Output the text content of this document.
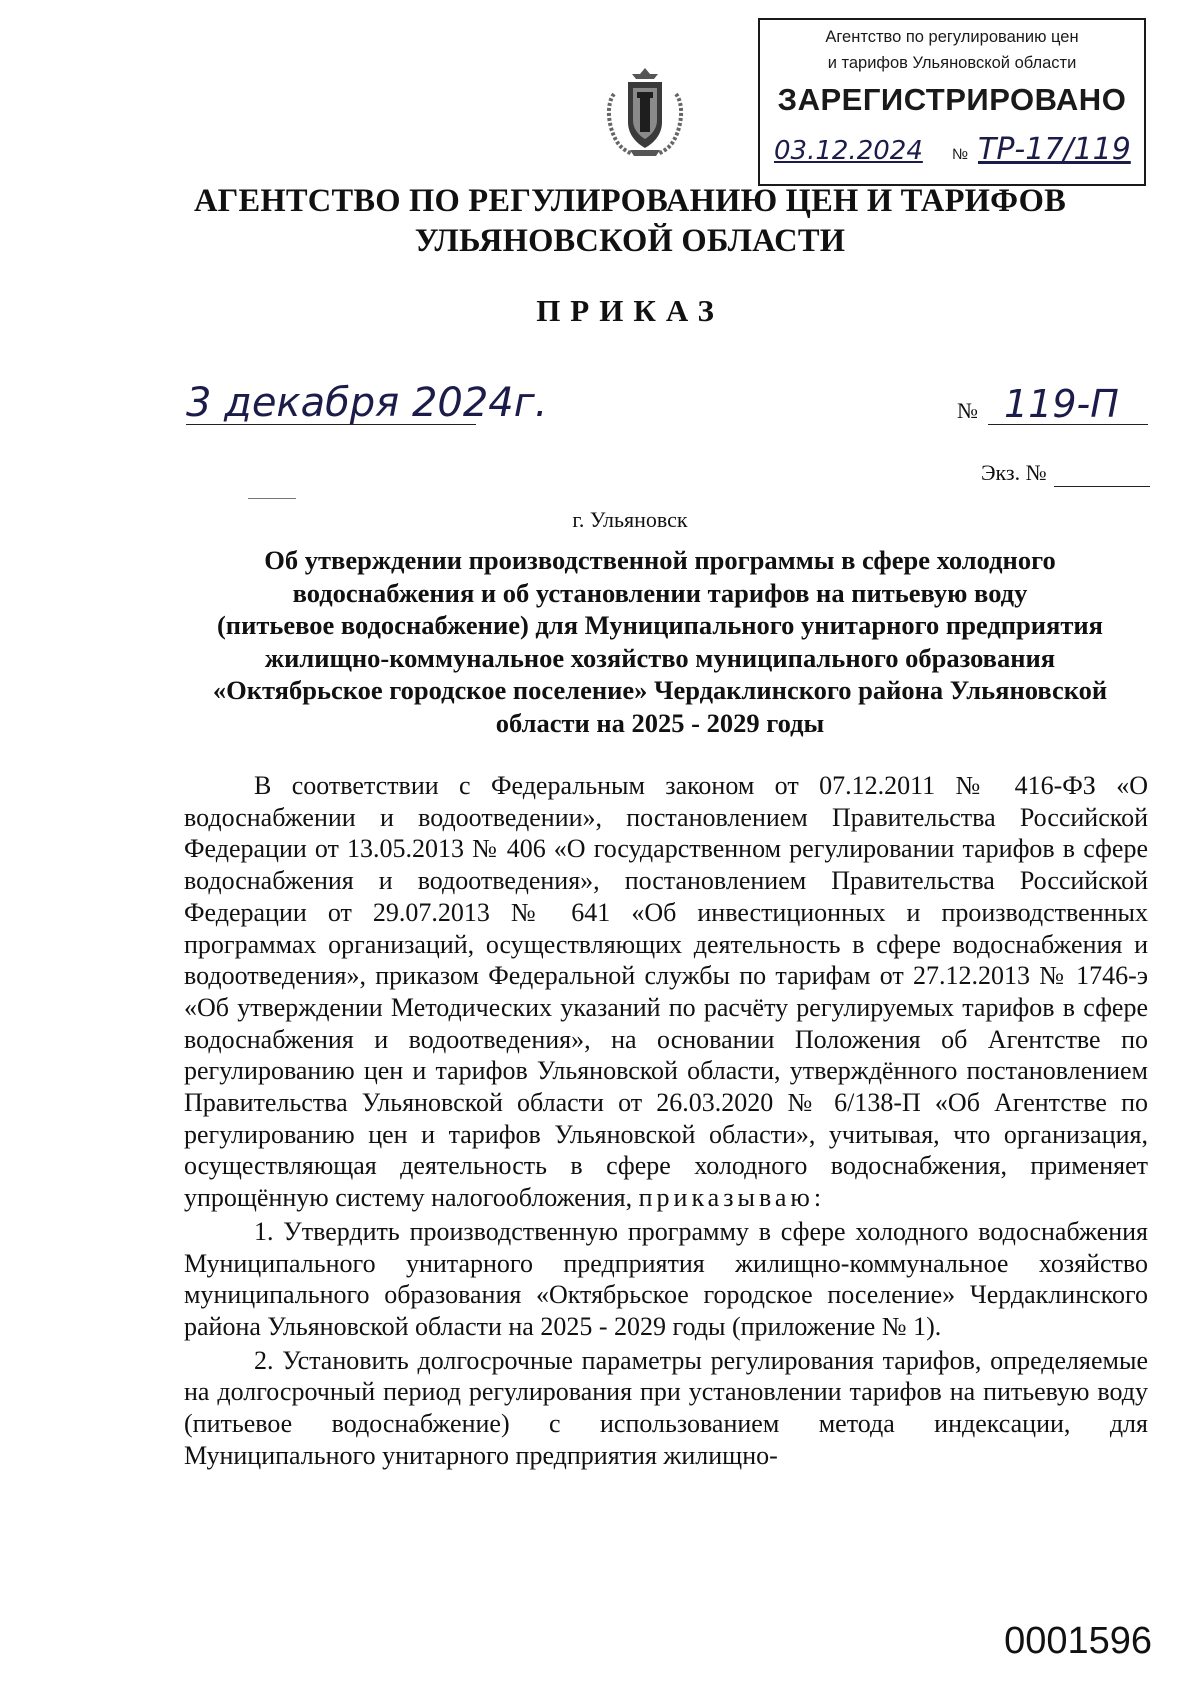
Агентство по регулированию цен
и тарифов Ульяновской области
ЗАРЕГИСТРИРОВАНО
03.12.2024 № ТР-17/119
АГЕНТСТВО ПО РЕГУЛИРОВАНИЮ ЦЕН И ТАРИФОВ
УЛЬЯНОВСКОЙ ОБЛАСТИ
ПРИКАЗ
3 декабря 2024г.	№ 119-П
Экз. №
г. Ульяновск
Об утверждении производственной программы в сфере холодного
водоснабжения и об установлении тарифов на питьевую воду
(питьевое водоснабжение) для Муниципального унитарного предприятия
жилищно-коммунальное хозяйство муниципального образования
«Октябрьское городское поселение» Чердаклинского района Ульяновской
области на 2025 - 2029 годы

В соответствии с Федеральным законом от 07.12.2011 № 416-ФЗ «О водоснабжении и водоотведении», постановлением Правительства Российской Федерации от 13.05.2013 № 406 «О государственном регулировании тарифов в сфере водоснабжения и водоотведения», постановлением Правительства Российской Федерации от 29.07.2013 № 641 «Об инвестиционных и производственных программах организаций, осуществляющих деятельность в сфере водоснабжения и водоотведения», приказом Федеральной службы по тарифам от 27.12.2013 № 1746-э «Об утверждении Методических указаний по расчёту регулируемых тарифов в сфере водоснабжения и водоотведения», на основании Положения об Агентстве по регулированию цен и тарифов Ульяновской области, утверждённого постановлением Правительства Ульяновской области от 26.03.2020 № 6/138-П «Об Агентстве по регулированию цен и тарифов Ульяновской области», учитывая, что организация, осуществляющая деятельность в сфере холодного водоснабжения, применяет упрощённую систему налогообложения, приказываю:

1. Утвердить производственную программу в сфере холодного водоснабжения Муниципального унитарного предприятия жилищно-коммунальное хозяйство муниципального образования «Октябрьское городское поселение» Чердаклинского района Ульяновской области на 2025 - 2029 годы (приложение № 1).

2. Установить долгосрочные параметры регулирования тарифов, определяемые на долгосрочный период регулирования при установлении тарифов на питьевую воду (питьевое водоснабжение) с использованием метода индексации, для Муниципального унитарного предприятия жилищно-

0001596
